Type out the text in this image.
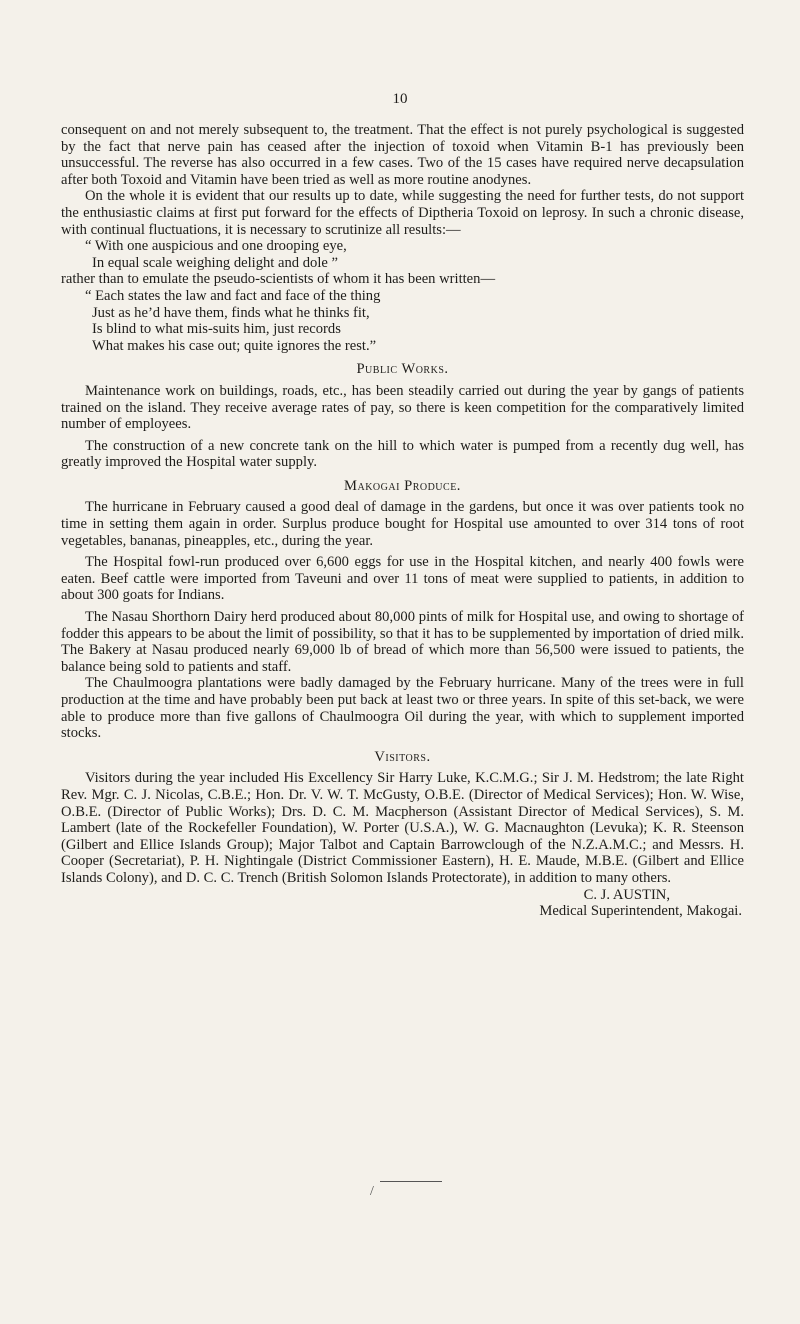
10

consequent on and not merely subsequent to, the treatment. That the effect is not purely psychological is suggested by the fact that nerve pain has ceased after the injection of toxoid when Vitamin B-1 has previously been unsuccessful. The reverse has also occurred in a few cases. Two of the 15 cases have required nerve decapsulation after both Toxoid and Vitamin have been tried as well as more routine anodynes.

On the whole it is evident that our results up to date, while suggesting the need for further tests, do not support the enthusiastic claims at first put forward for the effects of Diptheria Toxoid on leprosy. In such a chronic disease, with continual fluctuations, it is necessary to scrutinize all results:—

“ With one auspicious and one drooping eye,
In equal scale weighing delight and dole ”

rather than to emulate the pseudo-scientists of whom it has been written—

“ Each states the law and fact and face of the thing
Just as he’d have them, finds what he thinks fit,
Is blind to what mis-suits him, just records
What makes his case out; quite ignores the rest.”
Public Works.

Maintenance work on buildings, roads, etc., has been steadily carried out during the year by gangs of patients trained on the island. They receive average rates of pay, so there is keen competition for the comparatively limited number of employees.

The construction of a new concrete tank on the hill to which water is pumped from a recently dug well, has greatly improved the Hospital water supply.

Makogai Produce.

The hurricane in February caused a good deal of damage in the gardens, but once it was over patients took no time in setting them again in order. Surplus produce bought for Hospital use amounted to over 314 tons of root vegetables, bananas, pineapples, etc., during the year.

The Hospital fowl-run produced over 6,600 eggs for use in the Hospital kitchen, and nearly 400 fowls were eaten. Beef cattle were imported from Taveuni and over 11 tons of meat were supplied to patients, in addition to about 300 goats for Indians.

The Nasau Shorthorn Dairy herd produced about 80,000 pints of milk for Hospital use, and owing to shortage of fodder this appears to be about the limit of possibility, so that it has to be supplemented by importation of dried milk. The Bakery at Nasau produced nearly 69,000 lb of bread of which more than 56,500 were issued to patients, the balance being sold to patients and staff.

The Chaulmoogra plantations were badly damaged by the February hurricane. Many of the trees were in full production at the time and have probably been put back at least two or three years. In spite of this set-back, we were able to produce more than five gallons of Chaulmoogra Oil during the year, with which to supplement imported stocks.

Visitors.

Visitors during the year included His Excellency Sir Harry Luke, K.C.M.G.; Sir J. M. Hedstrom; the late Right Rev. Mgr. C. J. Nicolas, C.B.E.; Hon. Dr. V. W. T. McGusty, O.B.E. (Director of Medical Services); Hon. W. Wise, O.B.E. (Director of Public Works); Drs. D. C. M. Macpherson (Assistant Director of Medical Services), S. M. Lambert (late of the Rockefeller Foundation), W. Porter (U.S.A.), W. G. Macnaughton (Levuka); K. R. Steenson (Gilbert and Ellice Islands Group); Major Talbot and Captain Barrowclough of the N.Z.A.M.C.; and Messrs. H. Cooper (Secretariat), P. H. Nightingale (District Commissioner Eastern), H. E. Maude, M.B.E. (Gilbert and Ellice Islands Colony), and D. C. C. Trench (British Solomon Islands Protectorate), in addition to many others.

C. J. AUSTIN,
Medical Superintendent, Makogai.
/
